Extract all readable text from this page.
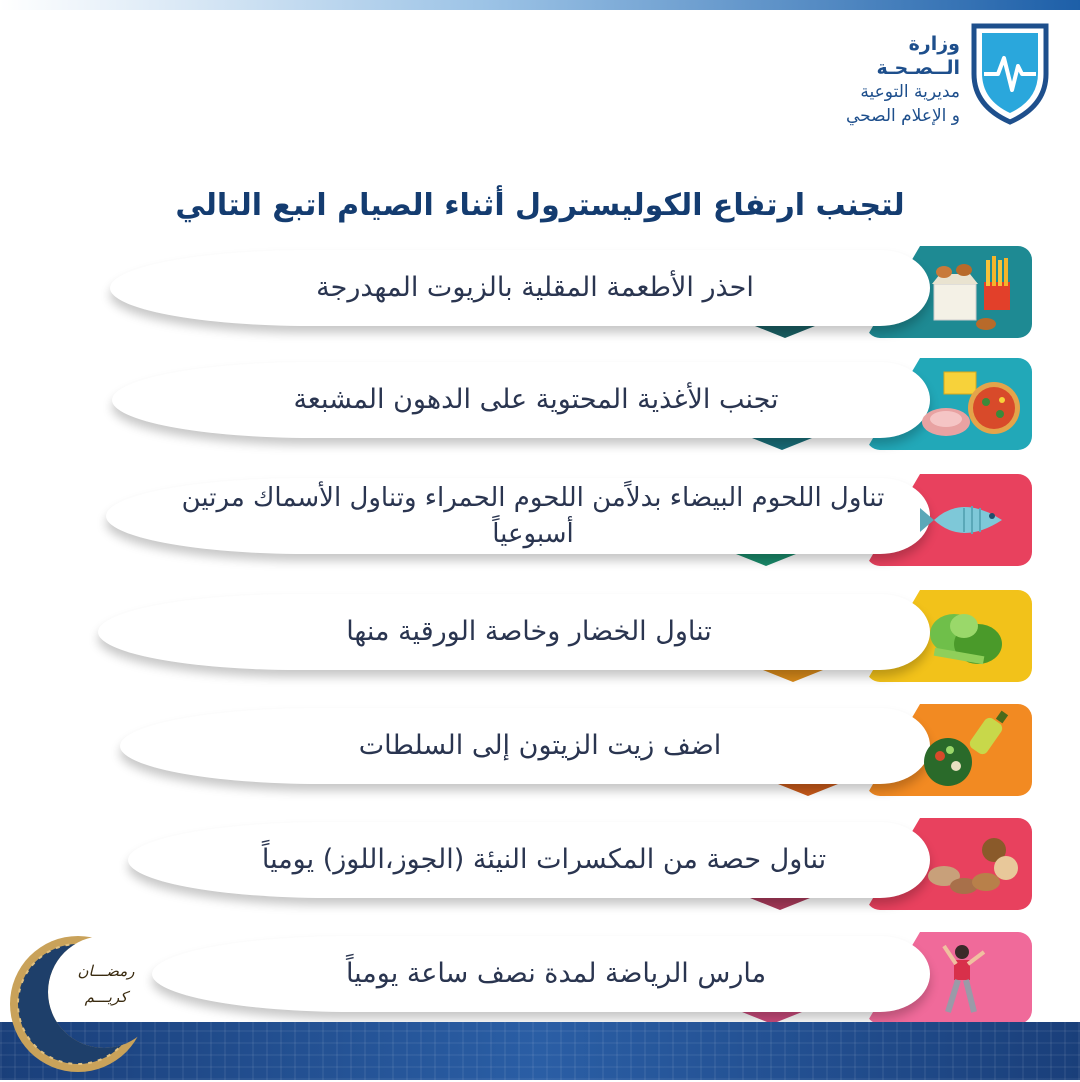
وزارة الــصـحـة
مديرية التوعية
و الإعلام الصحي
لتجنب ارتفاع الكوليسترول أثناء الصيام اتبع التالي
احذر الأطعمة المقلية بالزيوت المهدرجة
تجنب الأغذية المحتوية على الدهون المشبعة
تناول اللحوم البيضاء بدلاًمن اللحوم الحمراء وتناول الأسماك مرتين أسبوعياً
تناول الخضار وخاصة الورقية منها
اضف زيت الزيتون إلى السلطات
تناول حصة من المكسرات النيئة (الجوز،اللوز) يومياً
مارس الرياضة لمدة نصف ساعة يومياً
رمضـــان
كريـــم
